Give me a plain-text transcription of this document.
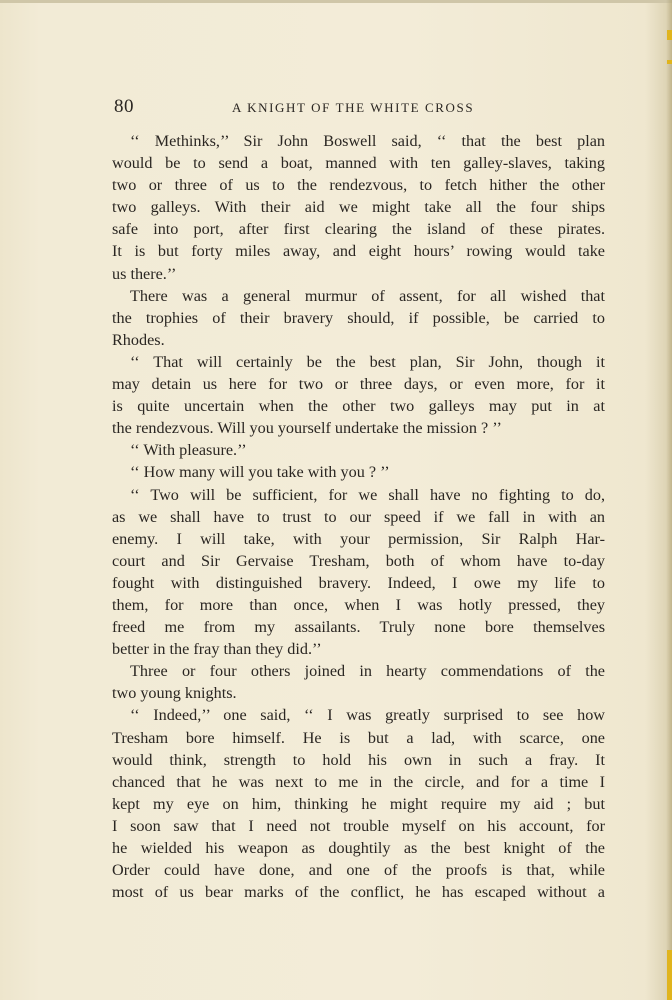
80	A KNIGHT OF THE WHITE CROSS
‘‘ Methinks,’’ Sir John Boswell said, ‘‘ that the best plan
would be to send a boat, manned with ten galley-slaves, taking
two or three of us to the rendezvous, to fetch hither the other
two galleys. With their aid we might take all the four ships
safe into port, after first clearing the island of these pirates.
It is but forty miles away, and eight hours’ rowing would take
us there.’’
There was a general murmur of assent, for all wished that
the trophies of their bravery should, if possible, be carried to
Rhodes.
‘‘ That will certainly be the best plan, Sir John, though it
may detain us here for two or three days, or even more, for it
is quite uncertain when the other two galleys may put in at
the rendezvous. Will you yourself undertake the mission ? ’’
‘‘ With pleasure.’’
‘‘ How many will you take with you ? ’’
‘‘ Two will be sufficient, for we shall have no fighting to do,
as we shall have to trust to our speed if we fall in with an
enemy. I will take, with your permission, Sir Ralph Har-
court and Sir Gervaise Tresham, both of whom have to-day
fought with distinguished bravery. Indeed, I owe my life to
them, for more than once, when I was hotly pressed, they
freed me from my assailants. Truly none bore themselves
better in the fray than they did.’’
Three or four others joined in hearty commendations of the
two young knights.
‘‘ Indeed,’’ one said, ‘‘ I was greatly surprised to see how
Tresham bore himself. He is but a lad, with scarce, one
would think, strength to hold his own in such a fray. It
chanced that he was next to me in the circle, and for a time I
kept my eye on him, thinking he might require my aid ; but
I soon saw that I need not trouble myself on his account, for
he wielded his weapon as doughtily as the best knight of the
Order could have done, and one of the proofs is that, while
most of us bear marks of the conflict, he has escaped without a
